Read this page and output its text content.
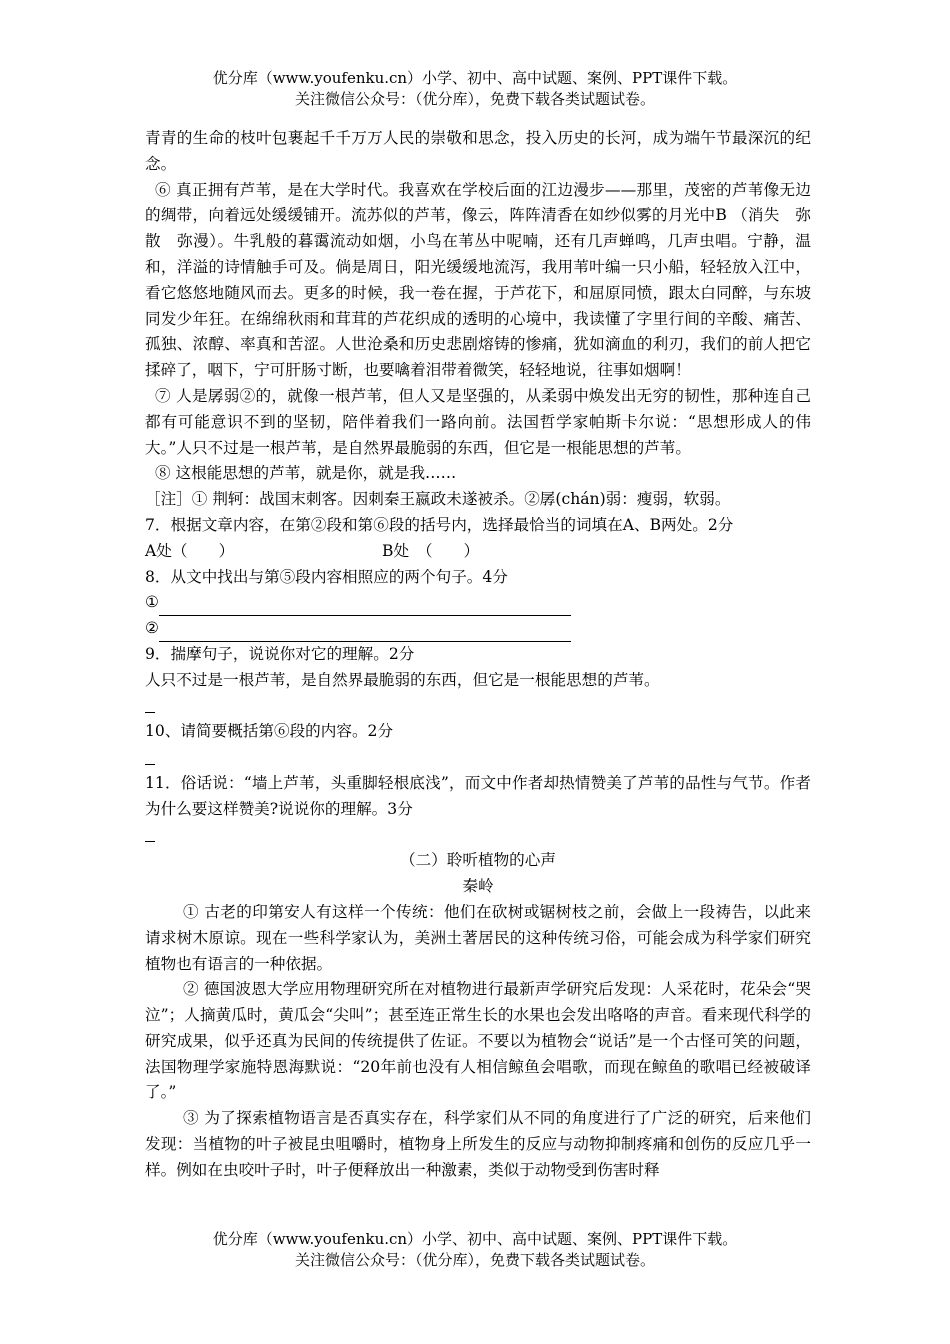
优分库（www.youfenku.cn）小学、初中、高中试题、案例、PPT课件下载。
关注微信公众号：（优分库），免费下载各类试题试卷。

青青的生命的枝叶包裹起千千万万人民的崇敬和思念，投入历史的长河，成为端午节最深沉的纪念。

⑥ 真正拥有芦苇，是在大学时代。我喜欢在学校后面的江边漫步——那里，茂密的芦苇像无边的绸带，向着远处缓缓铺开。流苏似的芦苇，像云，阵阵清香在如纱似雾的月光中B （消失　弥散　弥漫）。牛乳般的暮霭流动如烟，小鸟在苇丛中呢喃，还有几声蝉鸣，几声虫唱。宁静，温和，洋溢的诗情触手可及。倘是周日，阳光缓缓地流泻，我用苇叶编一只小船，轻轻放入江中，看它悠悠地随风而去。更多的时候，我一卷在握，于芦花下，和屈原同愤，跟太白同醉，与东坡同发少年狂。在绵绵秋雨和茸茸的芦花织成的透明的心境中，我读懂了字里行间的辛酸、痛苦、孤独、浓醇、率真和苦涩。人世沧桑和历史悲剧熔铸的惨痛，犹如滴血的利刃，我们的前人把它揉碎了，咽下，宁可肝肠寸断，也要噙着泪带着微笑，轻轻地说，往事如烟啊！

⑦ 人是孱弱②的，就像一根芦苇，但人又是坚强的，从柔弱中焕发出无穷的韧性，那种连自己都有可能意识不到的坚韧，陪伴着我们一路向前。法国哲学家帕斯卡尔说：“思想形成人的伟大。”人只不过是一根芦苇，是自然界最脆弱的东西，但它是一根能思想的芦苇。

⑧ 这根能思想的芦苇，就是你，就是我……

［注］① 荆轲：战国末刺客。因刺秦王嬴政未遂被杀。②孱(chán)弱：瘦弱，软弱。

7．根据文章内容，在第②段和第⑥段的括号内，选择最恰当的词填在A、B两处。2分

A处（　　）	B处　（　　）

8．从文中找出与第⑤段内容相照应的两个句子。4分

①
②

9．揣摩句子，说说你对它的理解。2分

人只不过是一根芦苇，是自然界最脆弱的东西，但它是一根能思想的芦苇。

10、请简要概括第⑥段的内容。2分

11．俗话说：“墙上芦苇，头重脚轻根底浅”，而文中作者却热情赞美了芦苇的品性与气节。作者为什么要这样赞美?说说你的理解。3分

（二）聆听植物的心声

秦岭

① 古老的印第安人有这样一个传统：他们在砍树或锯树枝之前，会做上一段祷告，以此来请求树木原谅。现在一些科学家认为，美洲土著居民的这种传统习俗，可能会成为科学家们研究植物也有语言的一种依据。

② 德国波恩大学应用物理研究所在对植物进行最新声学研究后发现：人采花时，花朵会“哭泣”；人摘黄瓜时，黄瓜会“尖叫”；甚至连正常生长的水果也会发出咯咯的声音。看来现代科学的研究成果，似乎还真为民间的传统提供了佐证。不要以为植物会“说话”是一个古怪可笑的问题，法国物理学家施特恩海默说：“20年前也没有人相信鲸鱼会唱歌，而现在鲸鱼的歌唱已经被破译了。”

③ 为了探索植物语言是否真实存在，科学家们从不同的角度进行了广泛的研究，后来他们发现：当植物的叶子被昆虫咀嚼时，植物身上所发生的反应与动物抑制疼痛和创伤的反应几乎一样。例如在虫咬叶子时，叶子便释放出一种激素，类似于动物受到伤害时释

优分库（www.youfenku.cn）小学、初中、高中试题、案例、PPT课件下载。
关注微信公众号：（优分库），免费下载各类试题试卷。
